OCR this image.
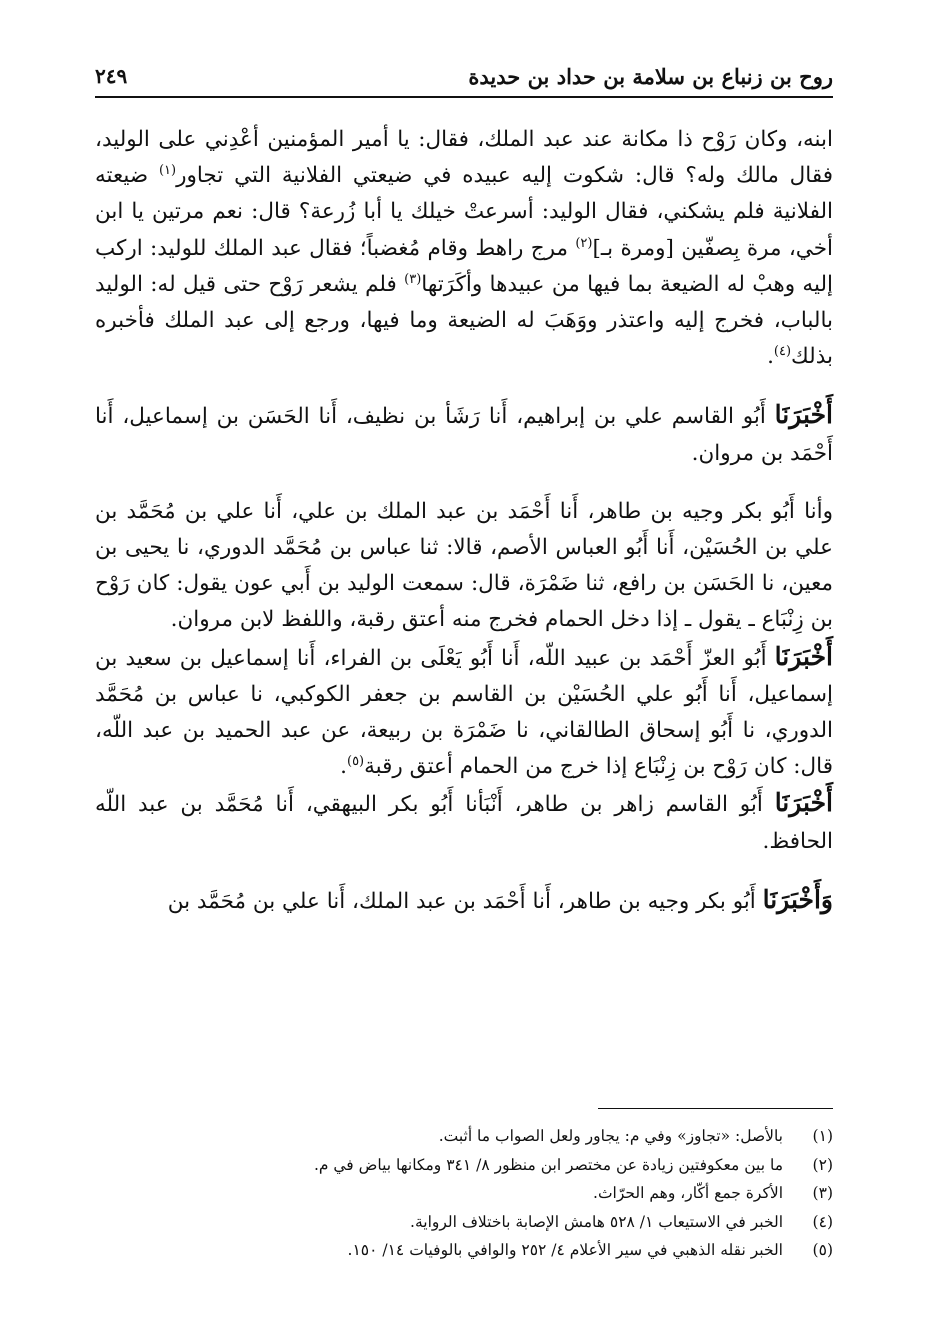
روح بن زنباع بن سلامة بن حداد بن حديدة
٢٤٩

ابنه، وكان رَوْح ذا مكانة عند عبد الملك، فقال: يا أمير المؤمنين أعْدِني على الوليد، فقال مالك وله؟ قال: شكوت إليه عبيده في ضيعتي الفلانية التي تجاور$^{(١)}$ ضيعته الفلانية فلم يشكني، فقال الوليد: أسرعتْ خيلك يا أبا زُرعة؟ قال: نعم مرتين يا ابن أخي، مرة بِصفّين [ومرة بـ]$^{(٢)}$ مرج راهط وقام مُغضباً؛ فقال عبد الملك للوليد: اركب إليه وهبْ له الضيعة بما فيها من عبيدها وأكَرَتها$^{(٣)}$ فلم يشعر رَوْح حتى قيل له: الوليد بالباب، فخرج إليه واعتذر ووَهَبَ له الضيعة وما فيها، ورجع إلى عبد الملك فأخبره بذلك$^{(٤)}$.

أَخْبَرَنَا أَبُو القاسم علي بن إبراهيم، أَنا رَشَأ بن نظيف، أَنا الحَسَن بن إسماعيل، أَنا أَحْمَد بن مروان.

وأنا أَبُو بكر وجيه بن طاهر، أَنا أَحْمَد بن عبد الملك بن علي، أَنا علي بن مُحَمَّد بن علي بن الحُسَيْن، أَنا أَبُو العباس الأصم، قالا: ثنا عباس بن مُحَمَّد الدوري، نا يحيى بن معين، نا الحَسَن بن رافع، ثنا ضَمْرَة، قال: سمعت الوليد بن أَبي عون يقول: كان رَوْح بن زِنْبَاع ـ يقول ـ إذا دخل الحمام فخرج منه أعتق رقبة، واللفظ لابن مروان.

أَخْبَرَنَا أَبُو العزّ أَحْمَد بن عبيد اللّه، أَنا أَبُو يَعْلَى بن الفراء، أَنا إسماعيل بن سعيد بن إسماعيل، أَنا أَبُو علي الحُسَيْن بن القاسم بن جعفر الكوكبي، نا عباس بن مُحَمَّد الدوري، نا أَبُو إسحاق الطالقاني، نا ضَمْرَة بن ربيعة، عن عبد الحميد بن عبد اللّه، قال: كان رَوْح بن زِنْبَاع إذا خرج من الحمام أعتق رقبة$^{(٥)}$.

أَخْبَرَنَا أَبُو القاسم زاهر بن طاهر، أَنْبَأنا أَبُو بكر البيهقي، أَنا مُحَمَّد بن عبد اللّه الحافظ.

وَأَخْبَرَنَا أَبُو بكر وجيه بن طاهر، أَنا أَحْمَد بن عبد الملك، أَنا علي بن مُحَمَّد بن

(١)
بالأصل: «تجاوز» وفي م: يجاور ولعل الصواب ما أثبت.
(٢)
ما بين معكوفتين زيادة عن مختصر ابن منظور ٨/ ٣٤١ ومكانها بياض في م.
(٣)
الأكرة جمع أكّار، وهم الحرّاث.
(٤)
الخبر في الاستيعاب ١/ ٥٢٨ هامش الإصابة باختلاف الرواية.
(٥)
الخبر نقله الذهبي في سير الأعلام ٤/ ٢٥٢ والوافي بالوفيات ١٤/ ١٥٠.
